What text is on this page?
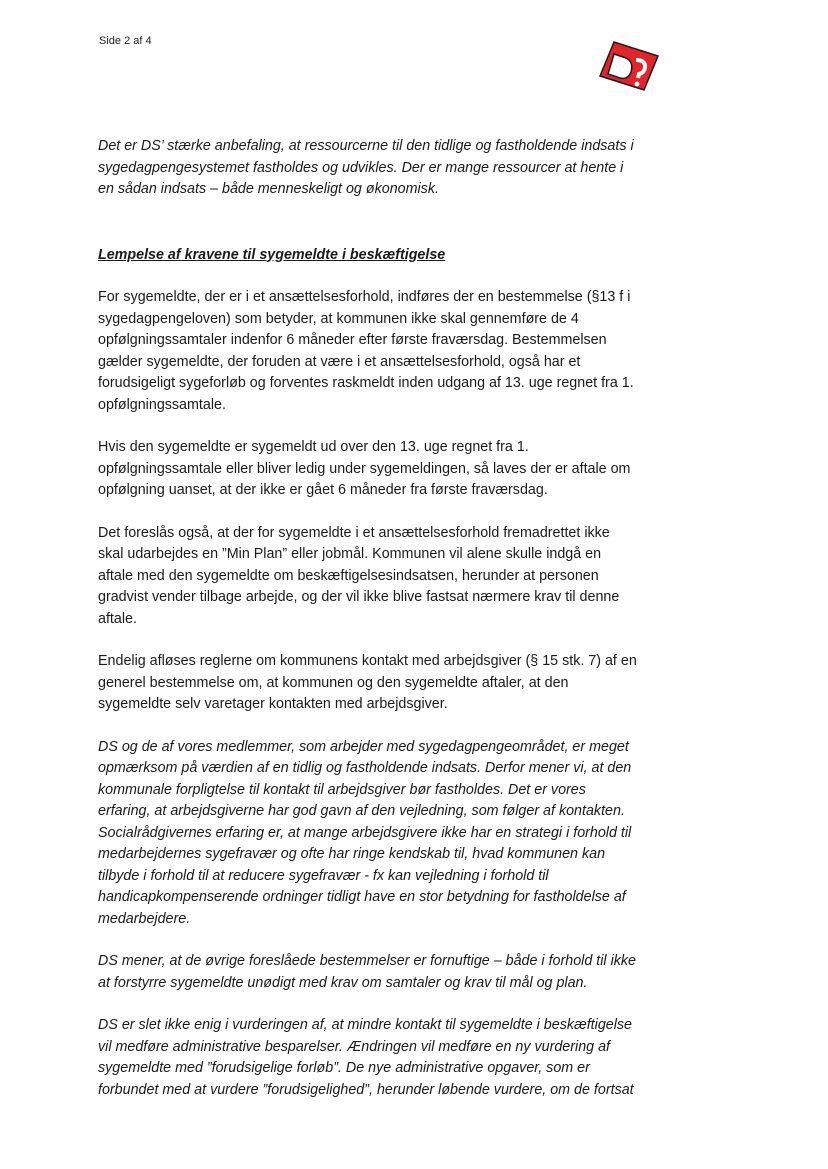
Side 2 af 4

Det er DS’ stærke anbefaling, at ressourcerne til den tidlige og fastholdende indsats i sygedagpengesystemet fastholdes og udvikles. Der er mange ressourcer at hente i en sådan indsats – både menneskeligt og økonomisk.

Lempelse af kravene til sygemeldte i beskæftigelse

For sygemeldte, der er i et ansættelsesforhold, indføres der en bestemmelse (§13 f i sygedagpengeloven) som betyder, at kommunen ikke skal gennemføre de 4 opfølgningssamtaler indenfor 6 måneder efter første fraværsdag. Bestemmelsen gælder sygemeldte, der foruden at være i et ansættelsesforhold, også har et forudsigeligt sygeforløb og forventes raskmeldt inden udgang af 13. uge regnet fra 1. opfølgningssamtale.

Hvis den sygemeldte er sygemeldt ud over den 13. uge regnet fra 1. opfølgningssamtale eller bliver ledig under sygemeldingen, så laves der er aftale om opfølgning uanset, at der ikke er gået 6 måneder fra første fraværsdag.

Det foreslås også, at der for sygemeldte i et ansættelsesforhold fremadrettet ikke skal udarbejdes en ”Min Plan” eller jobmål. Kommunen vil alene skulle indgå en aftale med den sygemeldte om beskæftigelsesindsatsen, herunder at personen gradvist vender tilbage arbejde, og der vil ikke blive fastsat nærmere krav til denne aftale.

Endelig afløses reglerne om kommunens kontakt med arbejdsgiver (§ 15 stk. 7) af en generel bestemmelse om, at kommunen og den sygemeldte aftaler, at den sygemeldte selv varetager kontakten med arbejdsgiver.

DS og de af vores medlemmer, som arbejder med sygedagpengeområdet, er meget opmærksom på værdien af en tidlig og fastholdende indsats. Derfor mener vi, at den kommunale forpligtelse til kontakt til arbejdsgiver bør fastholdes. Det er vores erfaring, at arbejdsgiverne har god gavn af den vejledning, som følger af kontakten. Socialrådgivernes erfaring er, at mange arbejdsgivere ikke har en strategi i forhold til medarbejdernes sygefravær og ofte har ringe kendskab til, hvad kommunen kan tilbyde i forhold til at reducere sygefravær - fx kan vejledning i forhold til handicapkompenserende ordninger tidligt have en stor betydning for fastholdelse af medarbejdere.

DS mener, at de øvrige foreslåede bestemmelser er fornuftige – både i forhold til ikke at forstyrre sygemeldte unødigt med krav om samtaler og krav til mål og plan.

DS er slet ikke enig i vurderingen af, at mindre kontakt til sygemeldte i beskæftigelse vil medføre administrative besparelser. Ændringen vil medføre en ny vurdering af sygemeldte med ”forudsigelige forløb”. De nye administrative opgaver, som er forbundet med at vurdere ”forudsigelighed”, herunder løbende vurdere, om de fortsat
